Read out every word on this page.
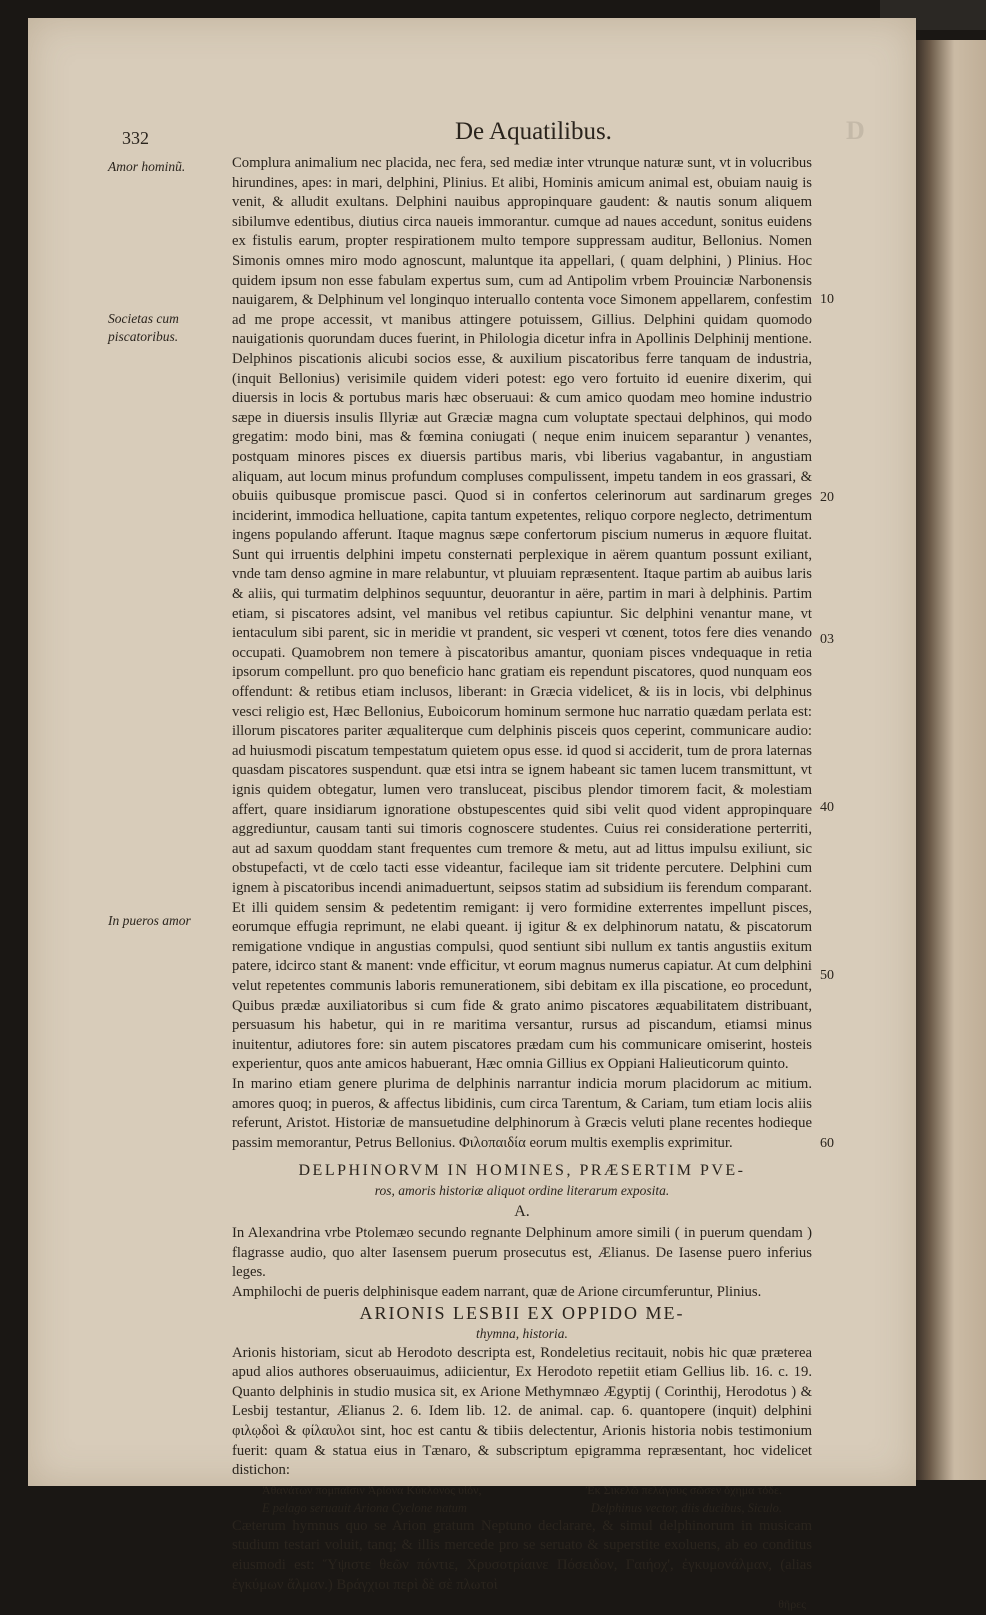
332	De Aquatilibus.	D
Amor hominũ.
Societas cum
piscatoribus.
In pueros amor
10
20
03
40
50
60

Complura animalium nec placida, nec fera, sed mediæ inter vtrunque naturæ sunt, vt in volucribus hirundines, apes: in mari, delphini, Plinius. Et alibi, Hominis amicum animal est, obuiam nauig is venit, & alludit exultans. Delphini nauibus appropinquare gaudent: & nautis sonum aliquem sibilumve edentibus, diutius circa naueis immorantur. cumque ad naues accedunt, sonitus euidens ex fistulis earum, propter respirationem multo tempore suppressam auditur, Bellonius. Nomen Simonis omnes miro modo agnoscunt, maluntque ita appellari, ( quam delphini, ) Plinius. Hoc quidem ipsum non esse fabulam expertus sum, cum ad Antipolim vrbem Prouinciæ Narbonensis nauigarem, & Delphinum vel longinquo interuallo contenta voce Simonem appellarem, confestim ad me prope accessit, vt manibus attingere potuissem, Gillius. Delphini quidam quomodo nauigationis quorundam duces fuerint, in Philologia dicetur infra in Apollinis Delphinij mentione. Delphinos piscationis alicubi socios esse, & auxilium piscatoribus ferre tanquam de industria, (inquit Bellonius) verisimile quidem videri potest: ego vero fortuito id euenire dixerim, qui diuersis in locis & portubus maris hæc obseruaui: & cum amico quodam meo homine industrio sæpe in diuersis insulis Illyriæ aut Græciæ magna cum voluptate spectaui delphinos, qui modo gregatim: modo bini, mas & fœmina coniugati ( neque enim inuicem separantur ) venantes, postquam minores pisces ex diuersis partibus maris, vbi liberius vagabantur, in angustiam aliquam, aut locum minus profundum compluses compulissent, impetu tandem in eos grassari, & obuiis quibusque promiscue pasci. Quod si in confertos celerinorum aut sardinarum greges inciderint, immodica helluatione, capita tantum expetentes, reliquo corpore neglecto, detrimentum ingens populando afferunt. Itaque magnus sæpe confertorum piscium numerus in æquore fluitat. Sunt qui irruentis delphini impetu consternati perplexique in aërem quantum possunt exiliant, vnde tam denso agmine in mare relabuntur, vt pluuiam repræsentent. Itaque partim ab auibus laris & aliis, qui turmatim delphinos sequuntur, deuorantur in aëre, partim in mari à delphinis. Partim etiam, si piscatores adsint, vel manibus vel retibus capiuntur. Sic delphini venantur mane, vt ientaculum sibi parent, sic in meridie vt prandent, sic vesperi vt cœnent, totos fere dies venando occupati. Quamobrem non temere à piscatoribus amantur, quoniam pisces vndequaque in retia ipsorum compellunt. pro quo beneficio hanc gratiam eis rependunt piscatores, quod nunquam eos offendunt: & retibus etiam inclusos, liberant: in Græcia videlicet, & iis in locis, vbi delphinus vesci religio est, Hæc Bellonius, Euboicorum hominum sermone huc narratio quædam perlata est: illorum piscatores pariter æqualiterque cum delphinis pisceis quos ceperint, communicare audio: ad huiusmodi piscatum tempestatum quietem opus esse. id quod si acciderit, tum de prora laternas quasdam piscatores suspendunt. quæ etsi intra se ignem habeant sic tamen lucem transmittunt, vt ignis quidem obtegatur, lumen vero transluceat, piscibus plendor timorem facit, & molestiam affert, quare insidiarum ignoratione obstupescentes quid sibi velit quod vident appropinquare aggrediuntur, causam tanti sui timoris cognoscere studentes. Cuius rei consideratione perterriti, aut ad saxum quoddam stant frequentes cum tremore & metu, aut ad littus impulsu exiliunt, sic obstupefacti, vt de cœlo tacti esse videantur, facileque iam sit tridente percutere. Delphini cum ignem à piscatoribus incendi animaduertunt, seipsos statim ad subsidium iis ferendum comparant. Et illi quidem sensim & pedetentim remigant: ij vero formidine exterrentes impellunt pisces, eorumque effugia reprimunt, ne elabi queant. ij igitur & ex delphinorum natatu, & piscatorum remigatione vndique in angustias compulsi, quod sentiunt sibi nullum ex tantis angustiis exitum patere, idcirco stant & manent: vnde efficitur, vt eorum magnus numerus capiatur. At cum delphini velut repetentes communis laboris remunerationem, sibi debitam ex illa piscatione, eo procedunt, Quibus prædæ auxiliatoribus si cum fide & grato animo piscatores æquabilitatem distribuant, persuasum his habetur, qui in re maritima versantur, rursus ad piscandum, etiamsi minus inuitentur, adiutores fore: sin autem piscatores prædam cum his communicare omiserint, hosteis experientur, quos ante amicos habuerant, Hæc omnia Gillius ex Oppiani Halieuticorum quinto.

In marino etiam genere plurima de delphinis narrantur indicia morum placidorum ac mitium. amores quoq; in pueros, & affectus libidinis, cum circa Tarentum, & Cariam, tum etiam locis aliis referunt, Aristot. Historiæ de mansuetudine delphinorum à Græcis veluti plane recentes hodieque passim memorantur, Petrus Bellonius. Φιλοπαιδία eorum multis exemplis exprimitur.

DELPHINORVM IN HOMINES, PRÆSERTIM PVE-
ros, amoris historiæ aliquot ordine literarum exposita.
A.

In Alexandrina vrbe Ptolemæo secundo regnante Delphinum amore simili ( in puerum quendam ) flagrasse audio, quo alter Iasensem puerum prosecutus est, Ælianus. De Iasense puero inferius leges.

Amphilochi de pueris delphinisque eadem narrant, quæ de Arione circumferuntur, Plinius.

ARIONIS LESBII EX OPPIDO ME-
thymna, historia.

Arionis historiam, sicut ab Herodoto descripta est, Rondeletius recitauit, nobis hic quæ præterea apud alios authores obseruauimus, adiicientur, Ex Herodoto repetiit etiam Gellius lib. 16. c. 19. Quanto delphinis in studio musica sit, ex Arione Methymnæo Ægyptij ( Corinthij, Herodotus ) & Lesbij testantur, Ælianus 2. 6. Idem lib. 12. de animal. cap. 6. quantopere (inquit) delphini φιλῳδοὶ & φίλαυλοι sint, hoc est cantu & tibiis delectentur, Arionis historia nobis testimonium fuerit: quam & statua eius in Tænaro, & subscriptum epigramma repræsentant, hoc videlicet distichon:

Ἀθανάτων πομπαῖσιν Ἀρίονα Κύκλονος υἱόν,	Ἐκ Σικελῶ πελάγους σῶσεν ὄχημα τόδε.
E pelago seruauit Ariona Cyclone natum	Delphinus vector, diis ducibus, Siculo.

Cæterum hymnus quo se Arion gratum Neptuno declarare, & simul delphinorum in musicam studium testari voluit, tanq; & illis mercede pro se seruato & superstite exoluens, ab eo conditus eiusmodi est: Ὕψιστε θεῶν πόντιε, Χρυσοτρίαινε Πόσειδον, Γαιήοχ', ἐγκυμονάλμαν, (alias ἐγκύμων ἅλμαν.) Βράγχιοι περὶ δὲ σὲ πλωτοὶ

θῆρες
